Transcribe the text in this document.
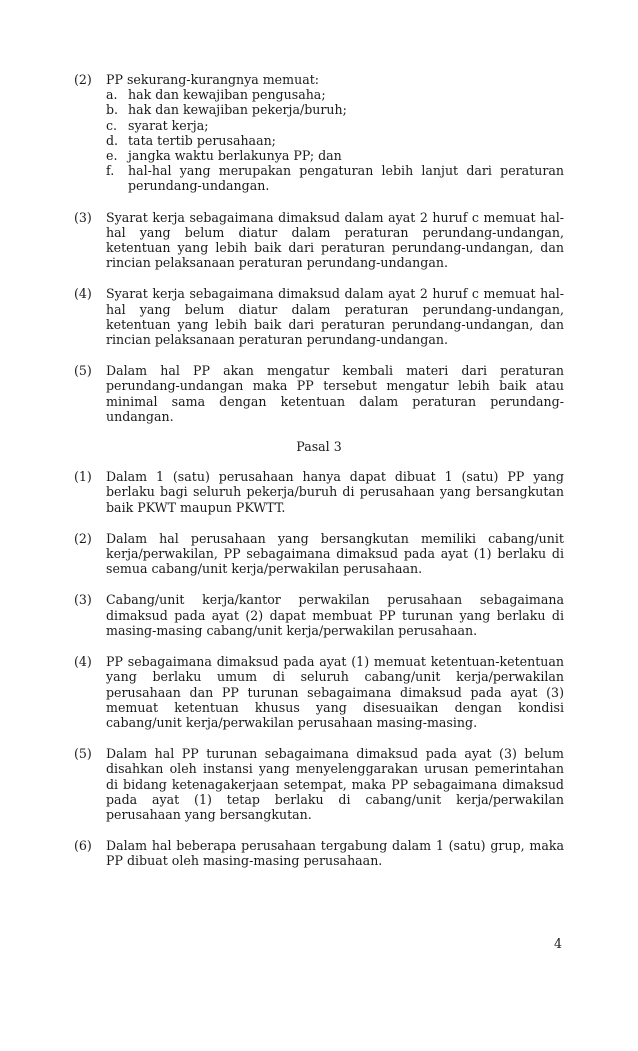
(2)	PP sekurang-kurangnya memuat:

a. hak dan kewajiban pengusaha;
b. hak dan kewajiban pekerja/buruh;
c. syarat kerja;
d. tata tertib perusahaan;
e. jangka waktu berlakunya PP; dan
f.	hal-hal yang merupakan pengaturan lebih lanjut dari peraturan perundang-undangan.
(3)	Syarat kerja sebagaimana dimaksud dalam ayat 2 huruf c memuat hal-hal yang belum diatur dalam peraturan perundang-undangan, ketentuan yang lebih baik dari peraturan perundang-undangan, dan rincian pelaksanaan peraturan perundang-undangan.
(4)	Syarat kerja sebagaimana dimaksud dalam ayat 2 huruf c memuat hal-hal yang belum diatur dalam peraturan perundang-undangan, ketentuan yang lebih baik dari peraturan perundang-undangan, dan rincian pelaksanaan peraturan perundang-undangan.
(5)	Dalam hal PP akan mengatur kembali materi dari peraturan perundang-undangan maka PP tersebut mengatur lebih baik atau minimal sama dengan ketentuan dalam peraturan perundang-undangan.
Pasal 3
(1)	Dalam 1 (satu) perusahaan hanya dapat dibuat 1 (satu) PP yang berlaku bagi seluruh pekerja/buruh di perusahaan yang bersangkutan baik PKWT maupun PKWTT.
(2)	Dalam hal perusahaan yang bersangkutan memiliki cabang/unit kerja/perwakilan, PP sebagaimana dimaksud pada ayat (1) berlaku di semua cabang/unit kerja/perwakilan perusahaan.
(3)	Cabang/unit kerja/kantor perwakilan perusahaan sebagaimana dimaksud pada ayat (2) dapat membuat PP turunan yang berlaku di masing-masing cabang/unit kerja/perwakilan perusahaan.
(4)	PP sebagaimana dimaksud pada ayat (1) memuat ketentuan-ketentuan yang berlaku umum di seluruh cabang/unit kerja/perwakilan perusahaan dan PP turunan sebagaimana dimaksud pada ayat (3) memuat ketentuan khusus yang disesuaikan dengan kondisi cabang/unit kerja/perwakilan perusahaan masing-masing.
(5)	Dalam hal PP turunan sebagaimana dimaksud pada ayat (3) belum disahkan oleh instansi yang menyelenggarakan urusan pemerintahan di bidang ketenagakerjaan setempat, maka PP sebagaimana dimaksud pada ayat (1) tetap berlaku di cabang/unit kerja/perwakilan perusahaan yang bersangkutan.
(6)	Dalam hal beberapa perusahaan tergabung dalam 1 (satu) grup, maka PP dibuat oleh masing-masing perusahaan.
4
